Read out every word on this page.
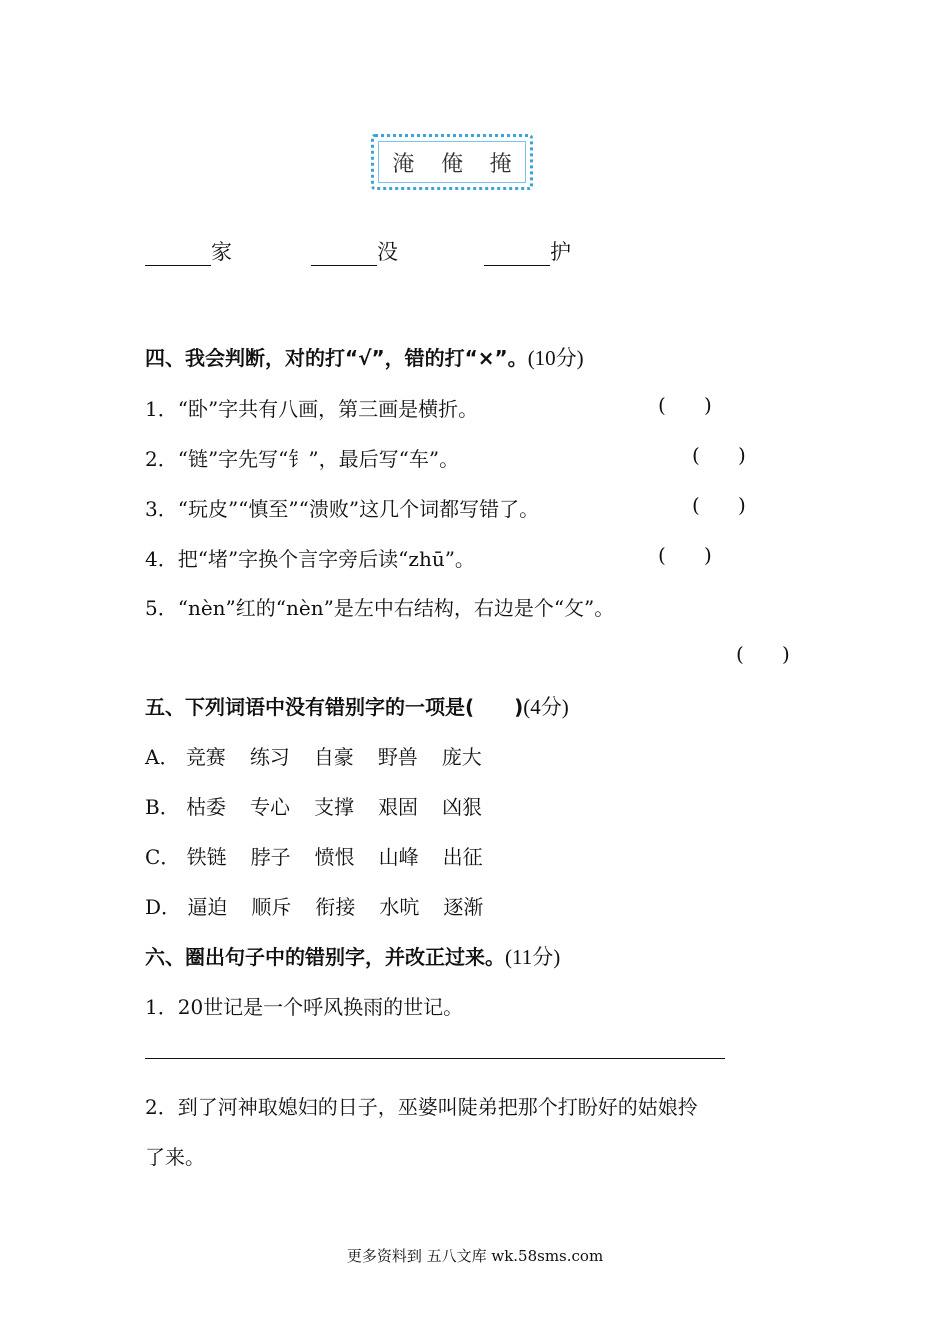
淹 俺 掩
家	没	护
四、我会判断，对的打“√”，错的打“×”。(10分)
1．“卧”字共有八画，第三画是横折。	( )
2．“链”字先写“钅”，最后写“车”。	( )
3．“玩皮”“慎至”“溃败”这几个词都写错了。	( )
4．把“堵”字换个言字旁后读“zhū”。	( )
5．“nèn”红的“nèn”是左中右结构，右边是个“攵”。
( )
五、下列词语中没有错别字的一项是(　　)(4分)
A． 竞赛 练习 自豪 野兽 庞大
B． 枯委 专心 支撑 艰固 凶狠
C． 铁链 脖子 愤恨 山峰 出征
D． 逼迫 顺斥 衔接 水吭 逐渐
六、圈出句子中的错别字，并改正过来。(11分)
1．20世记是一个呼风换雨的世记。
2．到了河神取媳妇的日子，巫婆叫陡弟把那个打盼好的姑娘拎
了来。
更多资料到 五八文库 wk.58sms.com
